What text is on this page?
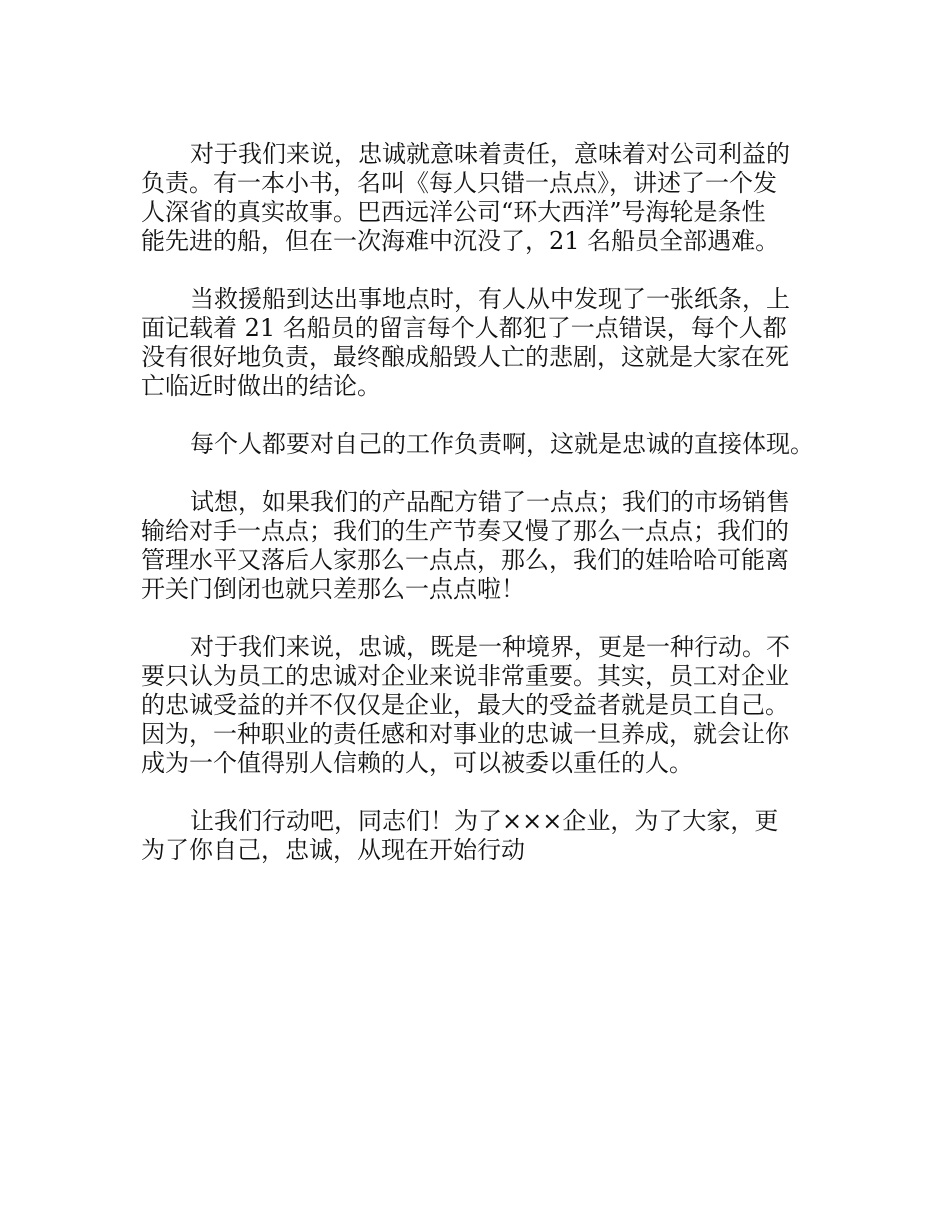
对于我们来说，忠诚就意味着责任，意味着对公司利益的
负责。有一本小书，名叫《每人只错一点点》，讲述了一个发
人深省的真实故事。巴西远洋公司“环大西洋”号海轮是条性
能先进的船，但在一次海难中沉没了，21 名船员全部遇难。
当救援船到达出事地点时，有人从中发现了一张纸条，上
面记载着 21 名船员的留言每个人都犯了一点错误，每个人都
没有很好地负责，最终酿成船毁人亡的悲剧，这就是大家在死
亡临近时做出的结论。
每个人都要对自己的工作负责啊，这就是忠诚的直接体现。
试想，如果我们的产品配方错了一点点；我们的市场销售
输给对手一点点；我们的生产节奏又慢了那么一点点；我们的
管理水平又落后人家那么一点点，那么，我们的娃哈哈可能离
开关门倒闭也就只差那么一点点啦！
对于我们来说，忠诚，既是一种境界，更是一种行动。不
要只认为员工的忠诚对企业来说非常重要。其实，员工对企业
的忠诚受益的并不仅仅是企业，最大的受益者就是员工自己。
因为，一种职业的责任感和对事业的忠诚一旦养成，就会让你
成为一个值得别人信赖的人，可以被委以重任的人。
让我们行动吧，同志们！为了×××企业，为了大家，更
为了你自己，忠诚，从现在开始行动
